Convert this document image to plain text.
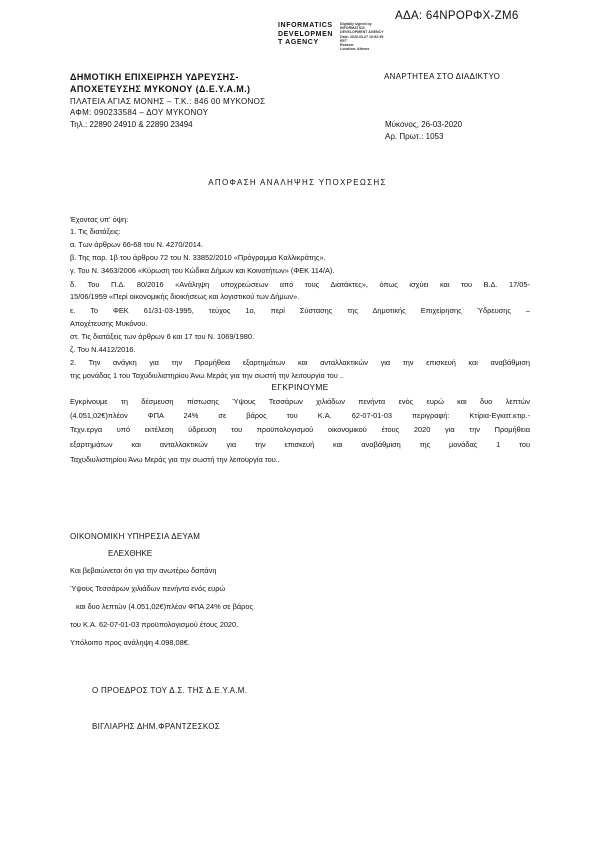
ΑΔΑ: 64ΝΡΟΡΦΧ-ΖΜ6
INFORMATICS
DEVELOPMEN
T AGENCY
Digitally signed by
INFORMATICS
DEVELOPMENT AGENCY
Date: 2020.03.27 10:52:39
EET
Reason:
Location: Athens
ΔΗΜΟΤΙΚΗ ΕΠΙΧΕΙΡΗΣΗ ΥΔΡΕΥΣΗΣ-
ΑΠΟΧΕΤΕΥΣΗΣ ΜΥΚΟΝΟΥ (Δ.Ε.Υ.Α.Μ.)
ΠΛΑΤΕΙΑ ΑΓΙΑΣ ΜΟΝΗΣ – Τ.Κ.: 846 00 ΜΥΚΟΝΟΣ
ΑΦΜ: 090233584 – ΔΟΥ ΜΥΚΟΝΟΥ
Τηλ.: 22890 24910 & 22890 23494
ΑΝΑΡΤΗΤΕΑ ΣΤΟ ΔΙΑΔΙΚΤΥΟ
Μύκονος, 26-03-2020
Αρ. Πρωτ.: 1053
ΑΠΟΦΑΣΗ ΑΝΑΛΗΨΗΣ ΥΠΟΧΡΕΩΣΗΣ
Έχοντας υπ' όψη:
1. Τις διατάξεις:
α. Των άρθρων 66-68 του Ν. 4270/2014.
β. Της παρ. 1β του άρθρου 72 του Ν. 33852/2010 «Πρόγραμμα Καλλικράτης».
γ. Του Ν. 3463/2006 «Κύρωση του Κώδικα Δήμων και Κοινοτήτων» (ΦΕΚ 114/Α).
δ. Του Π.Δ. 80/2016 «Ανάληψη υποχρεώσεων από τους Διατάκτες», όπως ισχύει και του Β.Δ. 17/05-
15/06/1959 «Περί οικονομικής διοικήσεως και λογιστικού των Δήμων».
ε. Το ΦΕΚ 61/31-03-1995, τεύχος 1ο, περί Σύστασης της Δημοτικής Επιχείρησης Ύδρευσης –
Αποχέτευσης Μυκόνου.
στ. Τις διατάξεις των άρθρων 6 και 17 του Ν. 1069/1980.
ζ. Του Ν.4412/2016.
2. Την ανάγκη για την Προμήθεια εξαρτημάτων και ανταλλακτικών για την επισκευή και αναβάθμιση
της μονάδας 1 του Ταχυδιυλιστηρίου Άνω Μεράς για την σωστή την λειτουργία του ..
ΕΓΚΡΙΝΟΥΜΕ
Εγκρίνουμε τη δέσμευση πίστωσης Ύψους Τεσσάρων χιλιάδων πενήντα ενός ευρώ και δυο λεπτών
(4.051,02€)πλέον ΦΠΑ 24% σε βάρος του Κ.Α. 62-07-01-03 περιγραφή: Κτίρια-Εγκατ.κτιρ.-
Τεχν.εργα υπό εκτέλεση ύδρευση του προϋπολογισμού οικονομικού έτους 2020 για την Προμήθεια
εξαρτημάτων και ανταλλακτικών για την επισκευή και αναβάθμιση της μονάδας 1 του
Ταχυδιυλιστηρίου Άνω Μεράς για την σωστή την λειτουργία του..
ΟΙΚΟΝΟΜΙΚΗ ΥΠΗΡΕΣΙΑ ΔΕΥΑΜ
ΕΛΕΧΘΗΚΕ
Και βεβαιώνεται ότι για την ανωτέρω δαπάνη
Ύψους Τεσσάρων χιλιάδων πενήντα ενός ευρώ
και δυο λεπτών (4.051,02€)πλέον ΦΠΑ 24% σε βάρος
του Κ.Α. 62-07-01-03 προϋπολογισμού έτους 2020.
Υπόλοιπο προς ανάληψη 4.098,08€.
Ο ΠΡΟΕΔΡΟΣ ΤΟΥ Δ.Σ. ΤΗΣ Δ.Ε.Υ.Α.Μ.
ΒΙΓΛΙΑΡΗΣ ΔΗΜ.ΦΡΑΝΤΖΕΣΚΟΣ
